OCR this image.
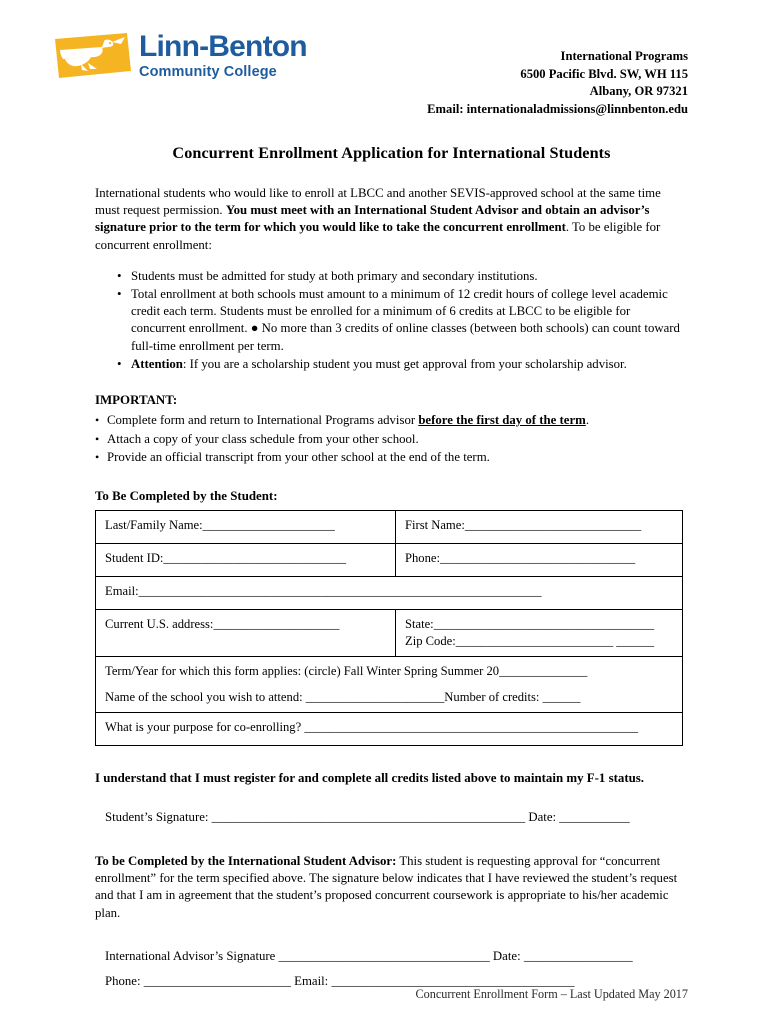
Linn-Benton
Community College
International Programs
6500 Pacific Blvd. SW, WH 115
Albany, OR 97321
Email: internationaladmissions@linnbenton.edu
Concurrent Enrollment Application for International Students

International students who would like to enroll at LBCC and another SEVIS-approved school at the same time must request permission. You must meet with an International Student Advisor and obtain an advisor’s signature prior to the term for which you would like to take the concurrent enrollment. To be eligible for concurrent enrollment:

• Students must be admitted for study at both primary and secondary institutions.
• Total enrollment at both schools must amount to a minimum of 12 credit hours of college level academic credit each term. Students must be enrolled for a minimum of 6 credits at LBCC to be eligible for concurrent enrollment. ● No more than 3 credits of online classes (between both schools) can count toward full-time enrollment per term.
• Attention: If you are a scholarship student you must get approval from your scholarship advisor.
IMPORTANT:
• Complete form and return to International Programs advisor before the first day of the term.
• Attach a copy of your class schedule from your other school.
• Provide an official transcript from your other school at the end of the term.
To Be Completed by the Student:
Last/Family Name:_____________________	First Name:____________________________
Student ID:_____________________________	Phone:_______________________________
Email:________________________________________________________________	
Current U.S. address:____________________	State:___________________________________
Zip Code:_________________________ ______

Term/Year for which this form applies: (circle) Fall Winter Spring Summer 20______________
Name of the school you wish to attend: ______________________Number of credits: ______	

What is your purpose for co-enrolling? _____________________________________________________	

I understand that I must register for and complete all credits listed above to maintain my F-1 status.

Student’s Signature: _________________________________________________ Date: ___________

To be Completed by the International Student Advisor: This student is requesting approval for “concurrent enrollment” for the term specified above. The signature below indicates that I have reviewed the student’s request and that I am in agreement that the student’s proposed concurrent coursework is appropriate to his/her academic plan.

International Advisor’s Signature _________________________________ Date: _________________

Phone: _______________________ Email: ______________________________________

Concurrent Enrollment Form – Last Updated May 2017
